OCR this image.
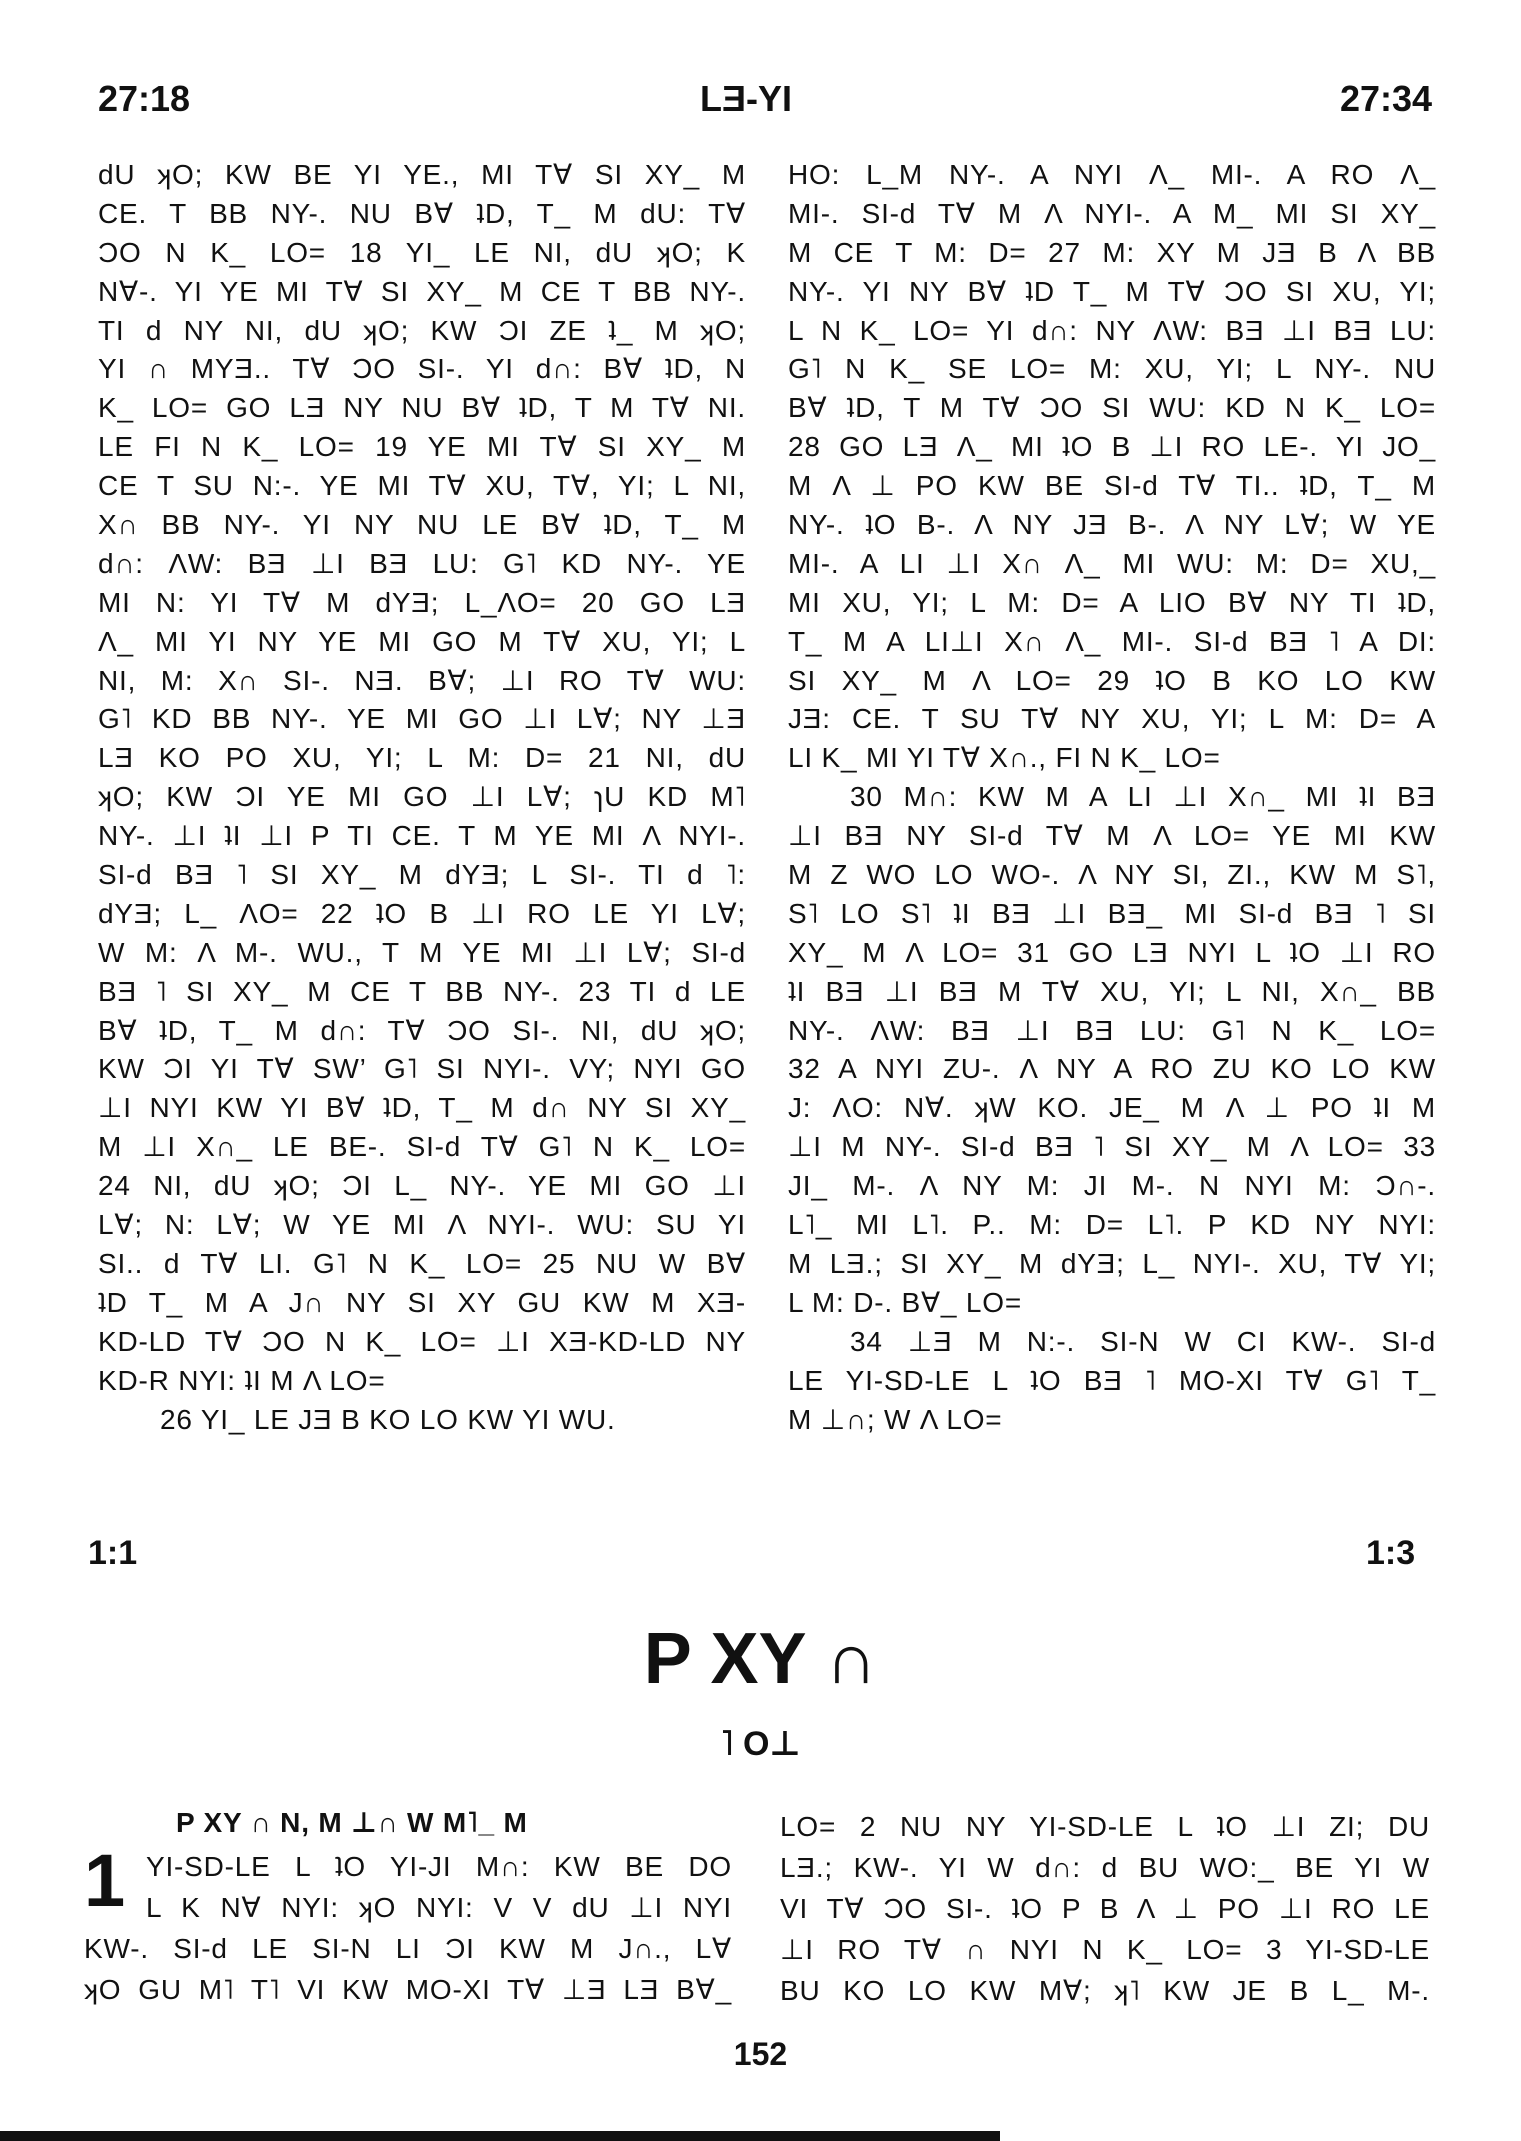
27:18	LƎ-YI	27:34
dU ʞO; KW BE YI YE., MI T∀ SI XY_ M
CE. T BΒ NY-. NU B∀ ʇD, T_ M dU: T∀
ƆO N K_ LO= 18 YI_ LE NI, dU ʞO; K
N∀-. YI YE MI T∀ SI XY_ M CE T BΒ NY-.
TI d NY NI, dU ʞO; KW ƆI ZE ʇ_ M ʞO;
YI ∩ MYƎ.. T∀ ƆO SI-. YI d∩: B∀ ʇD, N
K_ LO= GO LƎ NY NU B∀ ʇD, T M T∀ NI.
LE FI N K_ LO= 19 YE MI T∀ SI XY_ M
CE T SU N:-. YE MI T∀ XU, T∀, YI; L NI,
X∩ BΒ NY-. YI NY NU LE B∀ ʇD, T_ M
d∩: ΛW: BƎ ⊥I BƎ LU: G˥ KD NY-. YE
MI N: YI T∀ M dYƎ; L_ΛO= 20 GO LƎ
Λ_ MI YI NY YE MI GO M T∀ XU, YI; L
NI, M: X∩ SI-. NƎ. B∀; ⊥I RO T∀ WU:
G˥ KD BΒ NY-. YE MI GO ⊥I L∀; NY ⊥Ǝ
LƎ KO PO XU, YI; L M: D= 21 NI, dU
ʞO; KW ƆI YE MI GO ⊥I L∀; ɿU KD M˥
NY-. ⊥I ʇI ⊥I P TI CE. T M YE MI Λ NYI-.
SI-d BƎ ˥ SI XY_ M dYƎ; L SI-. TI d ˥:
dYƎ; L_ ΛO= 22 ʇO Β ⊥I RO LE YI L∀;
W M: Λ M-. WU., T M YE MI ⊥I L∀; SI-d
BƎ ˥ SI XY_ M CE T BΒ NY-. 23 TI d LE
B∀ ʇD, T_ M d∩: T∀ ƆO SI-. NI, dU ʞO;
KW ƆI YI T∀ SW’ G˥ SI NYI-. VY; NYI GO
⊥I NYI KW YI B∀ ʇD, T_ M d∩ NY SI XY_
M ⊥I X∩_ LE BE-. SI-d T∀ G˥ N K_ LO=
24 NI, dU ʞO; ƆI L_ NY-. YE MI GO ⊥I
L∀; N: L∀; W YE MI Λ NYI-. WU: SU YI
SI.. d T∀ LI. G˥ N K_ LO= 25 NU W B∀
ʇD T_ M A J∩ NY SI XY GU KW M XƎ-
KD-LD T∀ ƆO N K_ LO= ⊥I XƎ-KD-LD NY
KD-R NYI: ʇI M Λ LO=
26 YI_ LE JƎ Β KO LO KW YI WU.
HO: L_M NY-. A NYI Λ_ MI-. A RO Λ_
MI-. SI-d T∀ M Λ NYI-. A M_ MI SI XY_
M CE T M: D= 27 M: XY M JƎ Β Λ BΒ
NY-. YI NY B∀ ʇD T_ M T∀ ƆO SI XU, YI;
L N K_ LO= YI d∩: NY ΛW: BƎ ⊥I BƎ LU:
G˥ N K_ SE LO= M: XU, YI; L NY-. NU
B∀ ʇD, T M T∀ ƆO SI WU: KD N K_ LO=
28 GO LƎ Λ_ MI ʇO Β ⊥I RO LE-. YI JO_
M Λ ⊥ PO KW BE SI-d T∀ TI.. ʇD, T_ M
NY-. ʇO Β-. Λ NY JƎ Β-. Λ NY L∀; W YE
MI-. A LI ⊥I X∩ Λ_ MI WU: M: D= XU,_
MI XU, YI; L M: D= A LIO B∀ NY TI ʇD,
T_ M A LI⊥I X∩ Λ_ MI-. SI-d BƎ ˥ A DI:
SI XY_ M Λ LO= 29 ʇO Β KO LO KW
JƎ: CE. T SU T∀ NY XU, YI; L M: D= A
LI K_ MI YI T∀ X∩., FI N K_ LO=
30 M∩: KW M A LI ⊥I X∩_ MI ʇI BƎ
⊥I BƎ NY SI-d T∀ M Λ LO= YE MI KW
M Z WO LO WO-. Λ NY SI, ZI., KW M S˥,
S˥ LO S˥ ʇI BƎ ⊥I BƎ_ MI SI-d BƎ ˥ SI
XY_ M Λ LO= 31 GO LƎ NYI L ʇO ⊥I RO
ʇI BƎ ⊥I BƎ M T∀ XU, YI; L NI, X∩_ BΒ
NY-. ΛW: BƎ ⊥I BƎ LU: G˥ N K_ LO=
32 A NYI ZU-. Λ NY A RO ZU KO LO KW
J: ΛO: N∀. ʞW KO. JE_ M Λ ⊥ PO ʇI M
⊥I M NY-. SI-d BƎ ˥ SI XY_ M Λ LO= 33
JI_ M-. Λ NY M: JI M-. N NYI M: Ɔ∩-.
L˥_ MI L˥. P.. M: D= L˥. P KD NY NYI:
M LƎ.; SI XY_ M dYƎ; L_ NYI-. XU, T∀ YI;
L M: D-. B∀_ LO=
34 ⊥Ǝ M N:-. SI-N W CI KW-. SI-d
LE YI-SD-LE L ʇO BƎ ˥ MO-XI T∀ G˥ T_
M ⊥∩; W Λ LO=
1:1	1:3
P XY ∩
˥ O⊥
P XY ∩ N, M ⊥∩ W M˥_ M
1 YI-SD-LE L ʇO YI-JI M∩: KW BE DO
L K N∀ NYI: ʞO NYI: V V dU ⊥I NYI
KW-. SI-d LE SI-N LI ƆI KW M J∩., L∀
ʞO GU M˥ T˥ VI KW MO-XI T∀ ⊥Ǝ LƎ B∀_
LO= 2 NU NY YI-SD-LE L ʇO ⊥I ZI; DU
LƎ.; KW-. YI W d∩: d BU WO:_ BE YI W
VI T∀ ƆO SI-. ʇO P Β Λ ⊥ PO ⊥I RO LE
⊥I RO T∀ ∩ NYI N K_ LO= 3 YI-SD-LE
BU KO LO KW M∀; ʞ˥ KW JE B L_ M-.
152
